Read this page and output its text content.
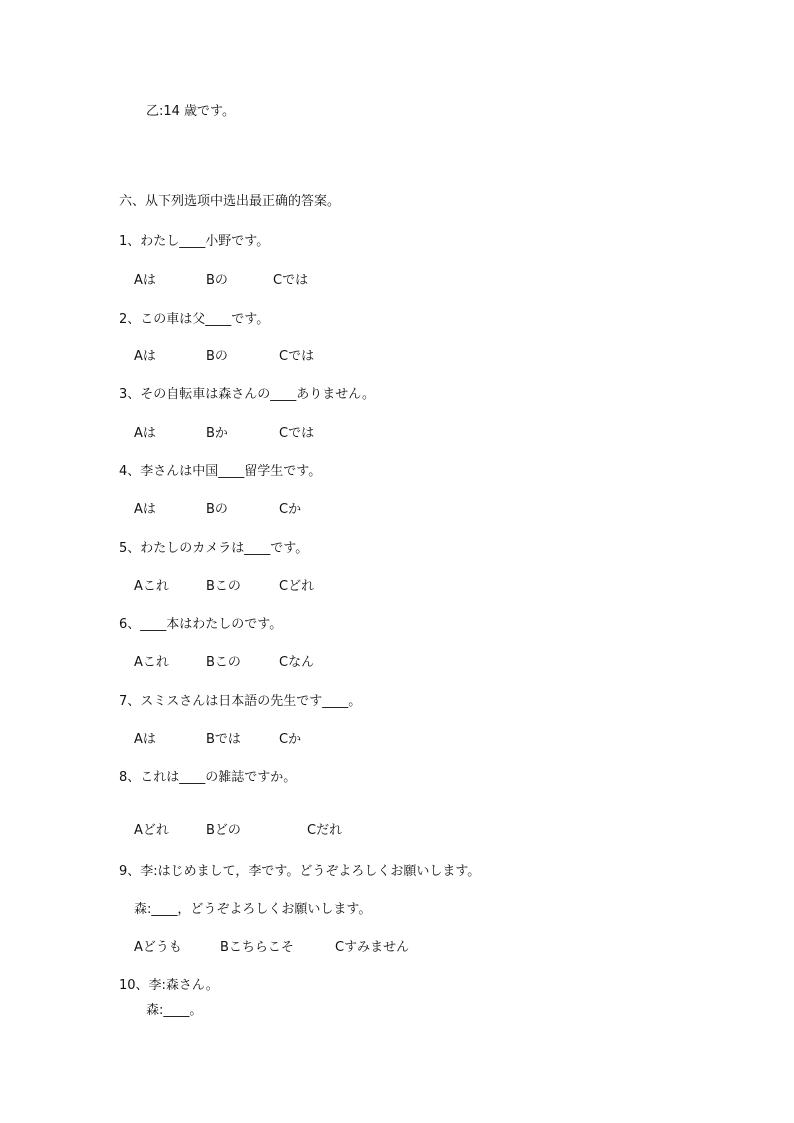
乙:14 歳です。
六、从下列选项中选出最正确的答案。
1、わたし____小野です。
Aは	Bの	Cでは
2、この車は父____です。
Aは	Bの	Cでは
3、その自転車は森さんの____ありません。
Aは	Bか	Cでは
4、李さんは中国____留学生です。
Aは	Bの	Cか
5、わたしのカメラは____です。
Aこれ	Bこの	Cどれ
6、____本はわたしのです。
Aこれ	Bこの	Cなん
7、スミスさんは日本語の先生です____。
Aは	Bでは	Cか
8、これは____の雑誌ですか。
Aどれ	Bどの	Cだれ
9、李:はじめまして，李です。どうぞよろしくお願いします。
森:____，どうぞよろしくお願いします。
Aどうも	Bこちらこそ	Cすみません
10、李:森さん。
森:____。
